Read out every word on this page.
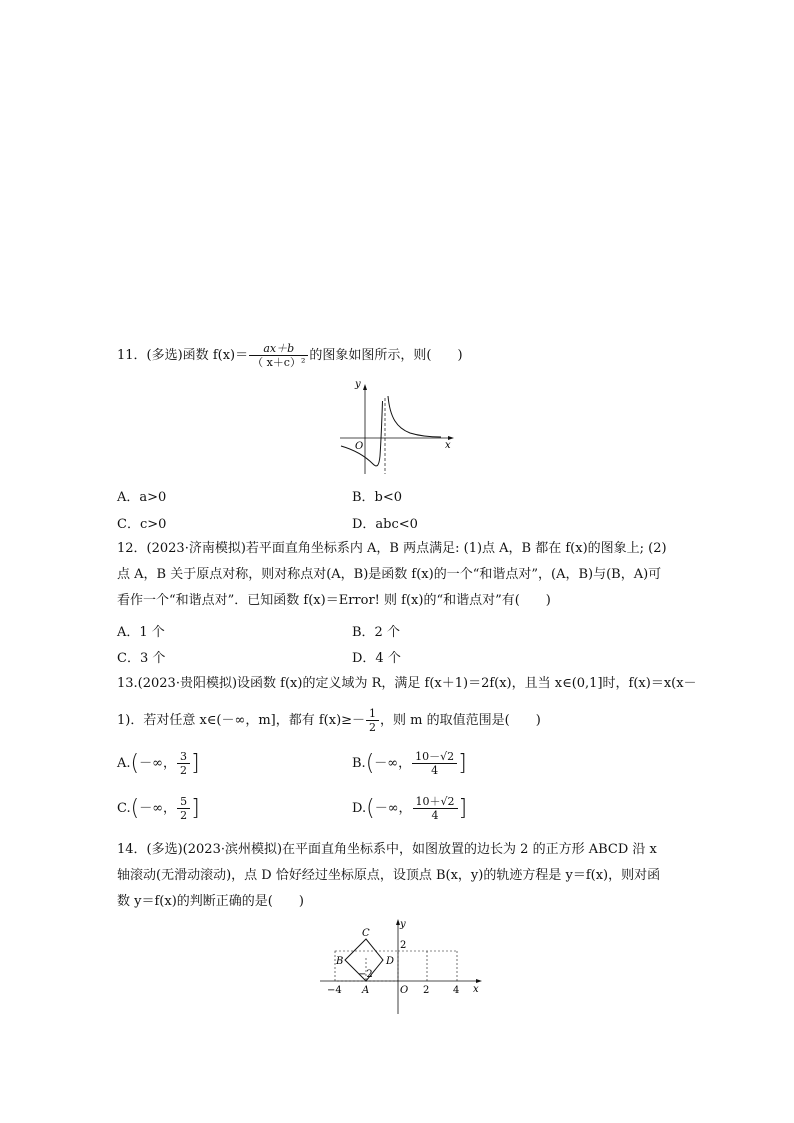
11．(多选)函数 $f(x)= \frac{ax+b}{\text{（ x＋c）²}}$ 的图象如图所示，则(　　)
y
x
O
A．a>0	B．b<0
C．c>0	D．abc<0
12．(2023·济南模拟)若平面直角坐标系内 A，B 两点满足: (1)点 A，B 都在 f(x)的图象上; (2)
点 A，B 关于原点对称，则对称点对(A，B)是函数 f(x)的一个“和谐点对”，(A，B)与(B，A)可
看作一个“和谐点对”．已知函数 f(x)＝Error! 则 f(x)的“和谐点对”有(　　)
A．1 个	B．2 个
C．3 个	D．4 个
13.(2023·贵阳模拟)设函数 f(x)的定义域为 R，满足 f(x＋1)＝2f(x)，且当 x∈(0,1]时，f(x)＝x(x－
1)．若对任意 x∈(－∞，m]，都有 $f(x)\ge- \frac{1}{2}$ ，则 m 的取值范围是(　　)
A.(－∞， $\frac{3}{2}$ ]	B.(－∞， $\frac{10-√2}{4}$ ]
C.(－∞， $\frac{5}{2}$ ]	D.(－∞， $\frac{10+√2}{4}$ ]
14．(多选)(2023·滨州模拟)在平面直角坐标系中，如图放置的边长为 2 的正方形 ABCD 沿 x
轴滚动(无滑动滚动)，点 D 恰好经过坐标原点，设顶点 B(x，y)的轨迹方程是 y＝f(x)，则对函
数 y＝f(x)的判断正确的是(　　)
C
B	D
A	O
y
x
−4
−2
2 4
2
